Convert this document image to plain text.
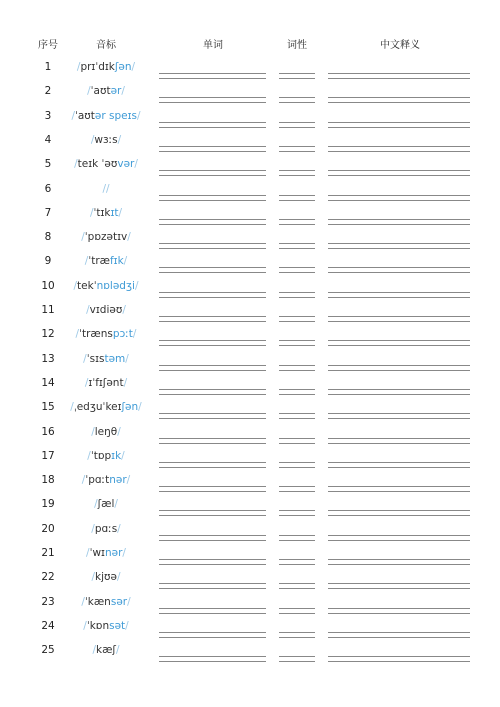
序号	音标	单词	词性	中文释义
1	/prɪˈdɪkʃən/
2	/ˈaʊtər/
3	/ˈaʊtər speɪs/
4	/wɜːs/
5	/teɪk ˈəʊvər/
6	//
7	/ˈtɪkɪt/
8	/ˈpɒzətɪv/
9	/ˈtræfɪk/
10	/tekˈnɒlədʒi/
11	/vɪdiəʊ/
12	/ˈtrænspɔːt/
13	/ˈsɪstəm/
14	/ɪˈfɪʃənt/
15	/ˌedʒuˈkeɪʃən/
16	/leŋθ/
17	/ˈtɒpɪk/
18	/ˈpɑːtnər/
19	/ʃæl/
20	/pɑːs/
21	/ˈwɪnər/
22	/kjʊə/
23	/ˈkænsər/
24	/ˈkɒnsət/
25	/kæʃ/
